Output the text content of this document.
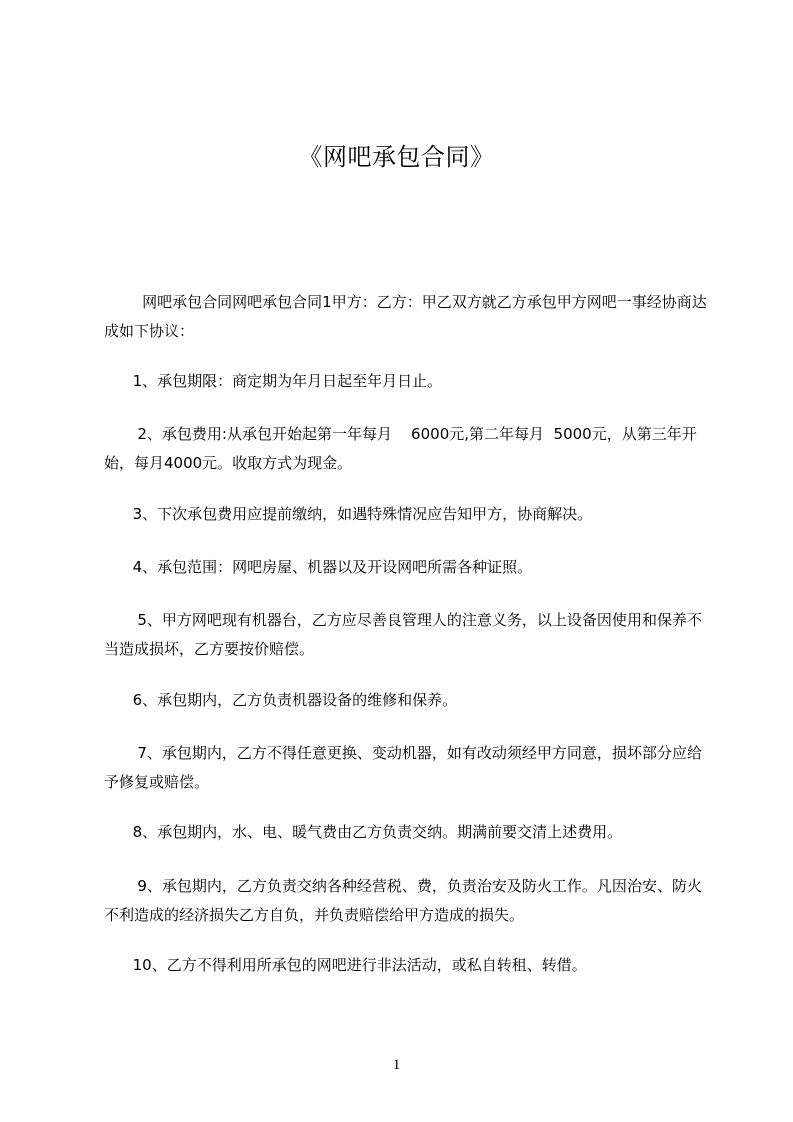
《网吧承包合同》
网吧承包合同网吧承包合同1甲方：乙方：甲乙双方就乙方承包甲方网吧一事经协商达成如下协议：
1、承包期限：商定期为年月日起至年月日止。
2、承包费用:从承包开始起第一年每月    6000元,第二年每月  5000元，从第三年开始，每月4000元。收取方式为现金。
3、下次承包费用应提前缴纳，如遇特殊情况应告知甲方，协商解决。
4、承包范围：网吧房屋、机器以及开设网吧所需各种证照。
5、甲方网吧现有机器台，乙方应尽善良管理人的注意义务，以上设备因使用和保养不当造成损坏，乙方要按价赔偿。
6、承包期内，乙方负责机器设备的维修和保养。
7、承包期内，乙方不得任意更换、变动机器，如有改动须经甲方同意，损坏部分应给予修复或赔偿。
8、承包期内，水、电、暖气费由乙方负责交纳。期满前要交清上述费用。
9、承包期内，乙方负责交纳各种经营税、费，负责治安及防火工作。凡因治安、防火不利造成的经济损失乙方自负，并负责赔偿给甲方造成的损失。
10、乙方不得利用所承包的网吧进行非法活动，或私自转租、转借。
1
